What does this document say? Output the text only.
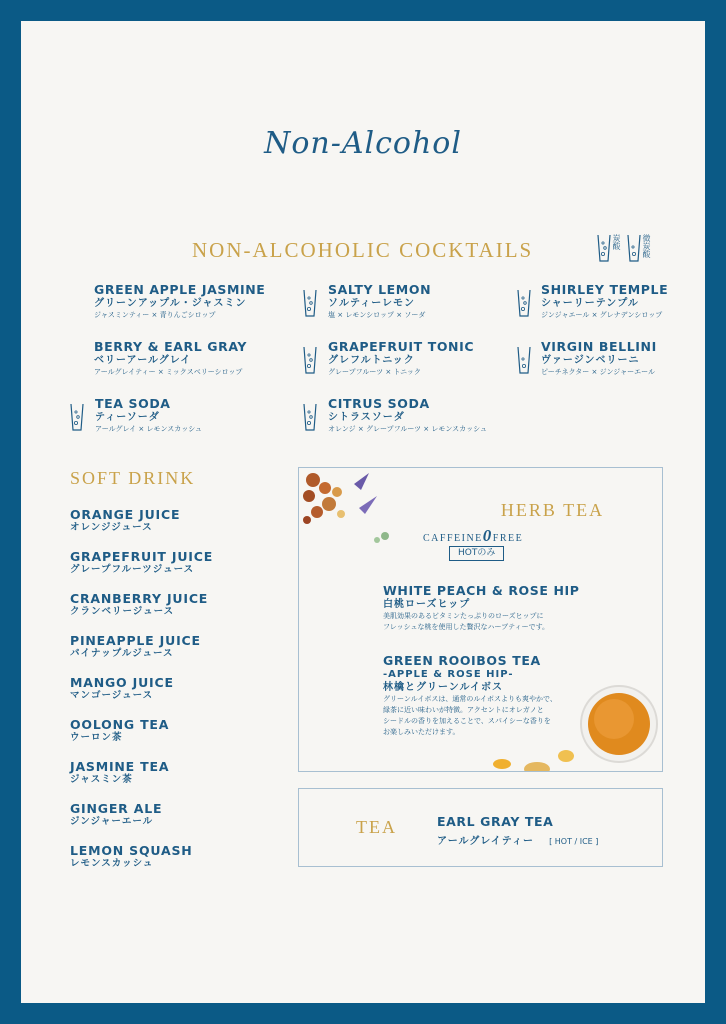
Non-Alcohol
NON-ALCOHOLIC COCKTAILS	炭酸	微炭酸
GREEN APPLE JASMINE
グリーンアップル・ジャスミン
ジャスミンティー × 青りんごシロップ
SALTY LEMON
ソルティーレモン
塩 × レモンシロップ × ソーダ
SHIRLEY TEMPLE
シャーリーテンプル
ジンジャエール × グレナデンシロップ
BERRY & EARL GRAY
ベリーアールグレイ
アールグレイティー × ミックスベリーシロップ
GRAPEFRUIT TONIC
グレフルトニック
グレープフルーツ × トニック
VIRGIN BELLINI
ヴァージンベリーニ
ピーチネクター × ジンジャーエール
TEA SODA
ティーソーダ
アールグレイ × レモンスカッシュ
CITRUS SODA
シトラスソーダ
オレンジ × グレープフルーツ × レモンスカッシュ
SOFT DRINK
ORANGE JUICE
オレンジジュース
GRAPEFRUIT JUICE
グレープフルーツジュース
CRANBERRY JUICE
クランベリージュース
PINEAPPLE JUICE
パイナップルジュース
MANGO JUICE
マンゴージュース
OOLONG TEA
ウーロン茶
JASMINE TEA
ジャスミン茶
GINGER ALE
ジンジャーエール
LEMON SQUASH
レモンスカッシュ
HERB TEA
CAFFEINE0FREE
HOTのみ
WHITE PEACH & ROSE HIP
白桃ローズヒップ
美肌効果のあるビタミンたっぷりのローズヒップに
フレッシュな桃を使用した贅沢なハーブティーです。
GREEN ROOIBOS TEA
-APPLE & ROSE HIP-
林檎とグリーンルイボス
グリーンルイボスは、通常のルイボスよりも爽やかで、
緑茶に近い味わいが特徴。アクセントにオレガノと
シードルの香りを加えることで、スパイシーな香りを
お楽しみいただけます。
TEA	EARL GRAY TEA
アールグレイティー [ HOT / ICE ]
